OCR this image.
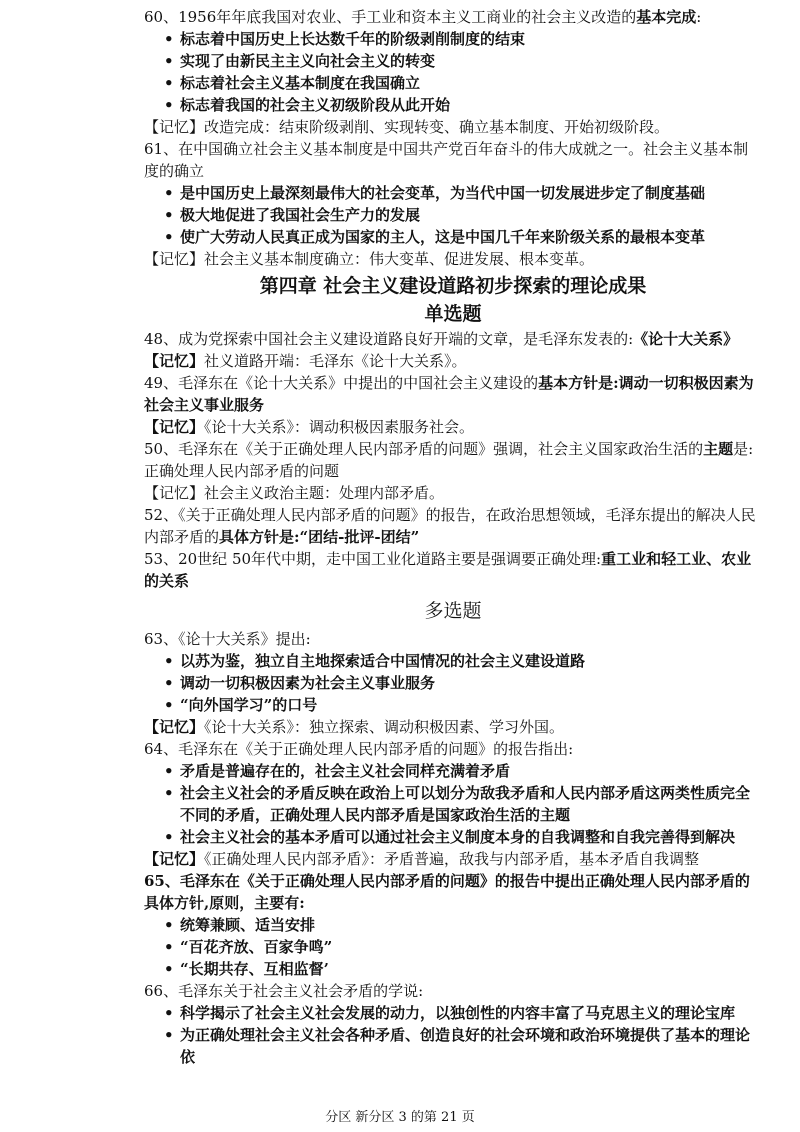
60、1956年年底我国对农业、手工业和资本主义工商业的社会主义改造的基本完成:

• 标志着中国历史上长达数千年的阶级剥削制度的结束
• 实现了由新民主主义向社会主义的转变
• 标志着社会主义基本制度在我国确立
• 标志着我国的社会主义初级阶段从此开始

【记忆】改造完成：结束阶级剥削、实现转变、确立基本制度、开始初级阶段。

61、在中国确立社会主义基本制度是中国共产党百年奋斗的伟大成就之一。社会主义基本制度的确立

• 是中国历史上最深刻最伟大的社会变革，为当代中国一切发展进步定了制度基础
• 极大地促进了我国社会生产力的发展
• 使广大劳动人民真正成为国家的主人，这是中国几千年来阶级关系的最根本变革

【记忆】社会主义基本制度确立：伟大变革、促进发展、根本变革。

第四章 社会主义建设道路初步探索的理论成果

单选题

48、成为党探索中国社会主义建设道路良好开端的文章，是毛泽东发表的:《论十大关系》

【记忆】社义道路开端：毛泽东《论十大关系》。

49、毛泽东在《论十大关系》中提出的中国社会主义建设的基本方针是:调动一切积极因素为社会主义事业服务

【记忆】《论十大关系》：调动积极因素服务社会。

50、毛泽东在《关于正确处理人民内部矛盾的问题》强调，社会主义国家政治生活的主题是:

正确处理人民内部矛盾的问题

【记忆】社会主义政治主题：处理内部矛盾。

52、《关于正确处理人民内部矛盾的问题》的报告，在政治思想领域，毛泽东提出的解决人民内部矛盾的具体方针是:“团结-批评-团结”

53、20世纪 50年代中期，走中国工业化道路主要是强调要正确处理:重工业和轻工业、农业的关系

多选题

63、《论十大关系》提出:

• 以苏为鉴，独立自主地探索适合中国情况的社会主义建设道路
• 调动一切积极因素为社会主义事业服务
• “向外国学习”的口号

【记忆】《论十大关系》：独立探索、调动积极因素、学习外国。

64、毛泽东在《关于正确处理人民内部矛盾的问题》的报告指出:

• 矛盾是普遍存在的，社会主义社会同样充满着矛盾
• 社会主义社会的矛盾反映在政治上可以划分为敌我矛盾和人民内部矛盾这两类性质完全不同的矛盾，正确处理人民内部矛盾是国家政治生活的主题
• 社会主义社会的基本矛盾可以通过社会主义制度本身的自我调整和自我完善得到解决

【记忆】《正确处理人民内部矛盾》：矛盾普遍，敌我与内部矛盾，基本矛盾自我调整

65、毛泽东在《关于正确处理人民内部矛盾的问题》的报告中提出正确处理人民内部矛盾的具体方针,原则，主要有:

• 统筹兼顾、适当安排
• “百花齐放、百家争鸣”
• “长期共存、互相监督’

66、毛泽东关于社会主义社会矛盾的学说:

• 科学揭示了社会主义社会发展的动力，以独创性的内容丰富了马克思主义的理论宝库
• 为正确处理社会主义社会各种矛盾、创造良好的社会环境和政治环境提供了基本的理论依
分区 新分区 3 的第 21 页
